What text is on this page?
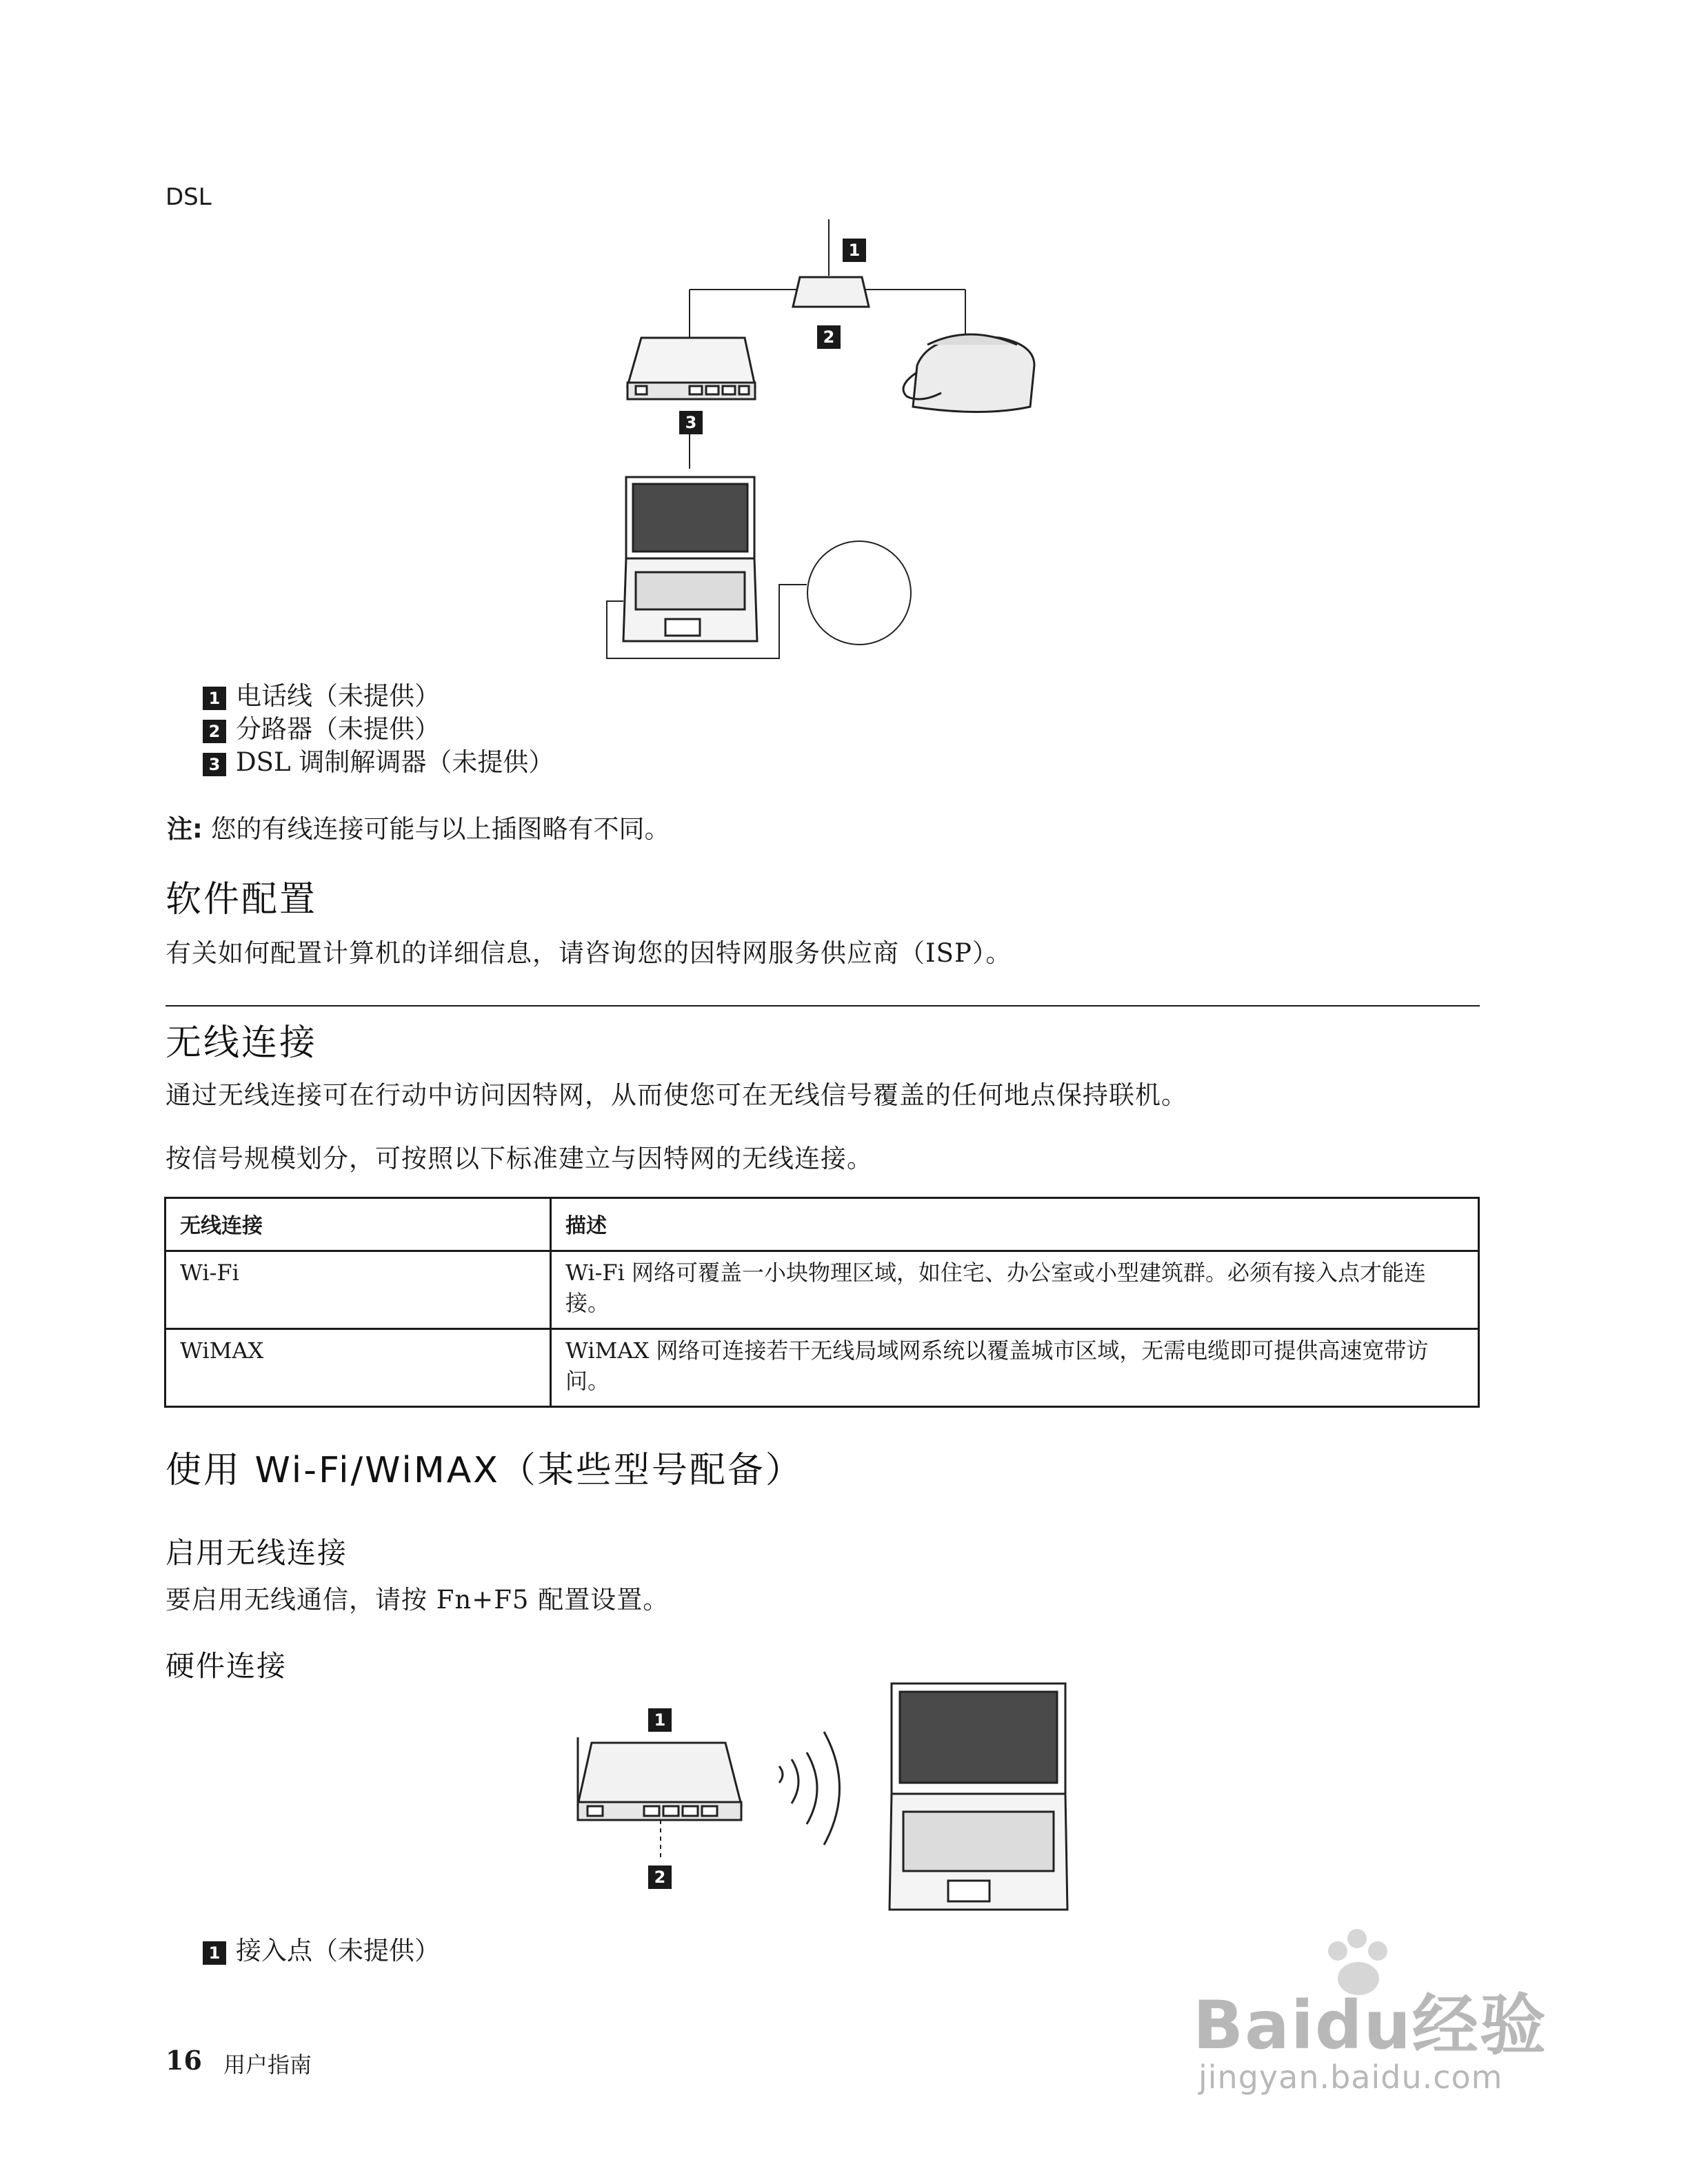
DSL
1
2
3
1 电话线（未提供）
2 分路器（未提供）
3 DSL 调制解调器（未提供）
注: 您的有线连接可能与以上插图略有不同。
软件配置
有关如何配置计算机的详细信息，请咨询您的因特网服务供应商（ISP）。
无线连接
通过无线连接可在行动中访问因特网，从而使您可在无线信号覆盖的任何地点保持联机。
按信号规模划分，可按照以下标准建立与因特网的无线连接。
无线连接	描述
Wi-Fi	Wi-Fi 网络可覆盖一小块物理区域，如住宅、办公室或小型建筑群。必须有接入点才能连接。
WiMAX	WiMAX 网络可连接若干无线局域网系统以覆盖城市区域，无需电缆即可提供高速宽带访问。
使用 Wi-Fi/WiMAX（某些型号配备）
启用无线连接
要启用无线通信，请按 Fn+F5 配置设置。
硬件连接
1
2
1 接入点（未提供）
16 用户指南
Baidu经验
jingyan.baidu.com
